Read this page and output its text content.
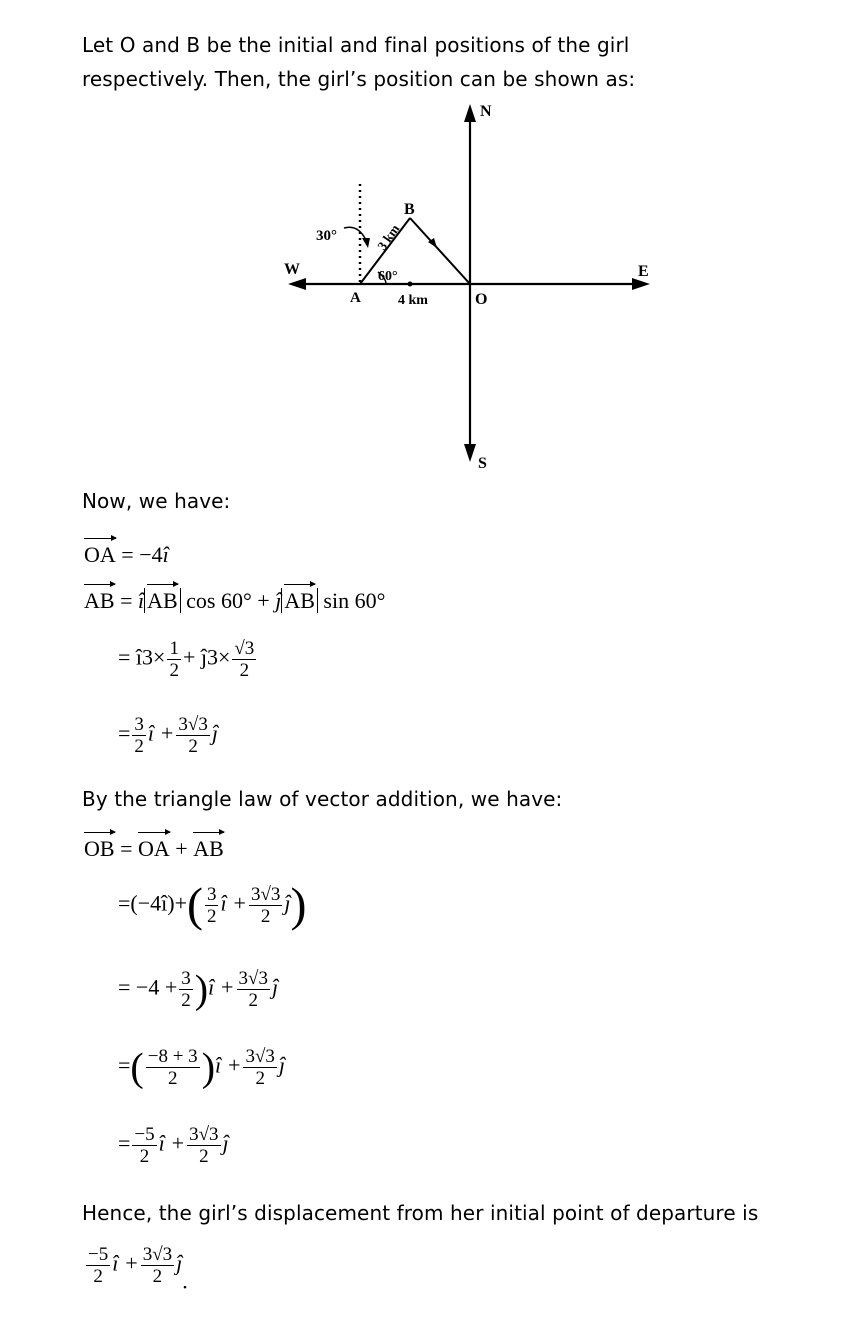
Let O and B be the initial and final positions of the girl

respectively. Then, the girl’s position can be shown as:

N
S
E
W
O
A
B
30°
60°
3 km
4 km

Now, we have:

OA = −4î
AB = î AB cos 60° + ĵ AB sin 60°
= î3× $\frac{1}{2}$ + ĵ3× $\frac{√3}{2}$
= $\frac{3}{2}$ î + $\frac{3√3}{2}$ ĵ

By the triangle law of vector addition, we have:

OB = OA + AB
=(−4î)+( $\frac{3}{2}$ î + $\frac{3√3}{2}$ ĵ)
= $-4 + \frac{3}{2}$ )î + $\frac{3√3}{2}$ ĵ
=( $\frac{-8 + 3}{2}$ )î + $\frac{3√3}{2}$ ĵ
= $\frac{-5}{2}$ î + $\frac{3√3}{2}$ ĵ

Hence, the girl’s displacement from her initial point of departure is

$\frac{-5}{2}$ î + $\frac{3√3}{2}$ ĵ.
